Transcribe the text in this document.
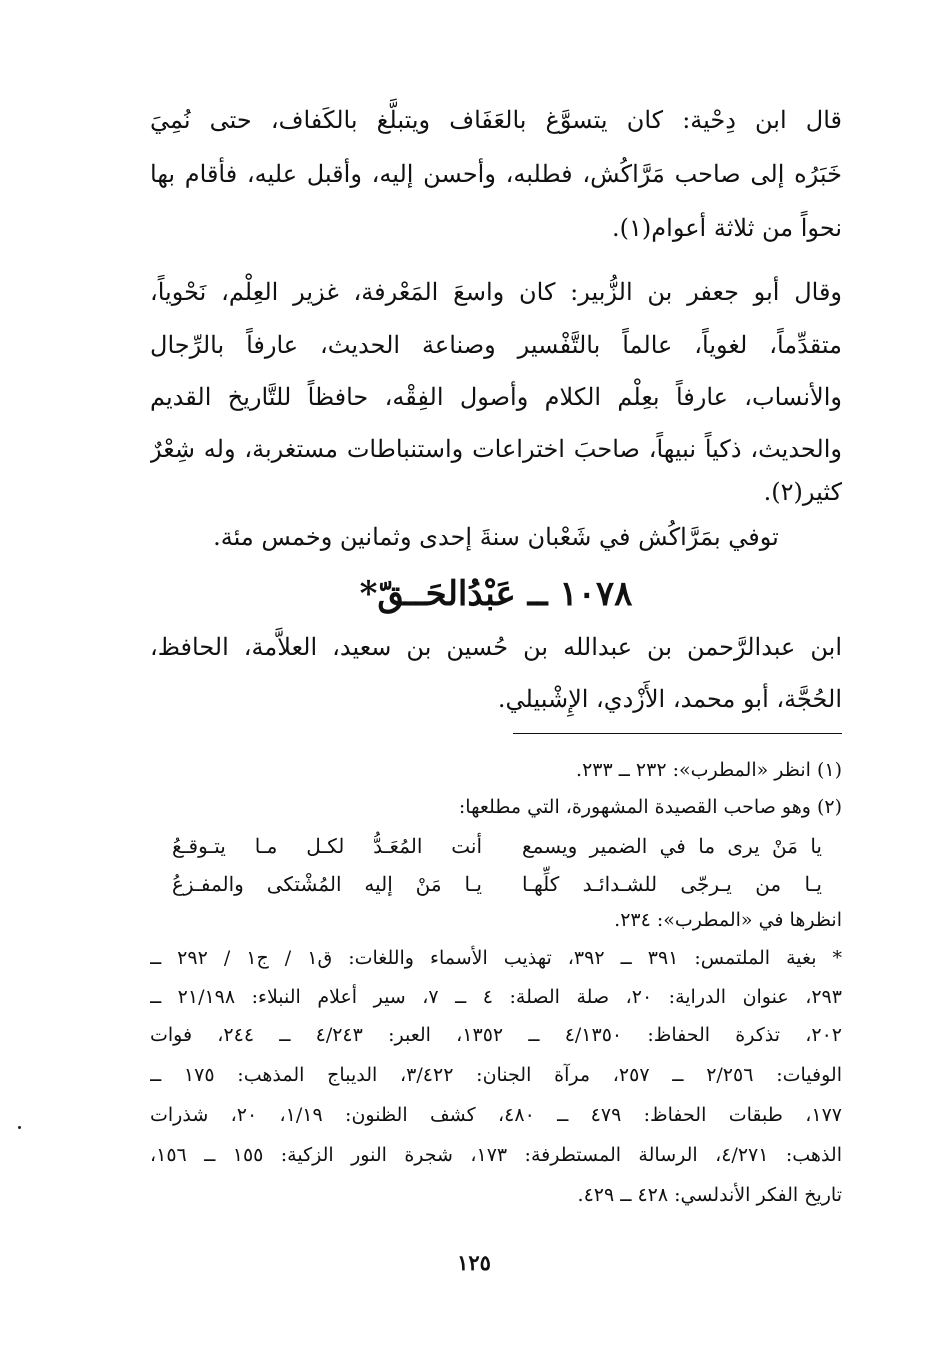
قال ابن دِحْية: كان يتسوَّغ بالعَفَاف ويتبلَّغ بالكَفاف، حتى نُمِيَ
خَبَرُه إلى صاحب مَرَّاكُش، فطلبه، وأحسن إليه، وأقبل عليه، فأقام بها
نحواً من ثلاثة أعوام(١).
وقال أبو جعفر بن الزُّبير: كان واسعَ المَعْرفة، غزير العِلْم، نَحْوياً،
متقدِّماً، لغوياً، عالماً بالتَّفْسير وصناعة الحديث، عارفاً بالرِّجال
والأنساب، عارفاً بعِلْم الكلام وأصول الفِقْه، حافظاً للتَّاريخ القديم
والحديث، ذكياً نبيهاً، صاحبَ اختراعات واستنباطات مستغربة، وله شِعْرٌ
كثير(٢).
توفي بمَرَّاكُش في شَعْبان سنةَ إحدى وثمانين وخمس مئة.
١٠٧٨ ــ عَبْدُالحَــقّ*
ابن عبدالرَّحمن بن عبدالله بن حُسين بن سعيد، العلاَّمة، الحافظ،
الحُجَّة، أبو محمد، الأَزْدي، الإِشْبيلي.
(١) انظر «المطرب»: ٢٣٢ ــ ٢٣٣.
(٢) وهو صاحب القصيدة المشهورة، التي مطلعها:
يا مَنْ يرى ما في الضمير ويسمع
أنت المُعَـدُّ لكـل مـا يتـوقـعُ
يـا من يـرجّى للشـدائـد كلِّهـا
يـا مَنْ إليه المُشْتكى والمفـزعُ
انظرها في «المطرب»: ٢٣٤.
* بغية الملتمس: ٣٩١ ــ ٣٩٢، تهذيب الأسماء واللغات: ق١ / ج١ / ٢٩٢ ــ
٢٩٣، عنوان الدراية: ٢٠، صلة الصلة: ٤ ــ ٧، سير أعلام النبلاء: ٢١/١٩٨ ــ
٢٠٢، تذكرة الحفاظ: ٤/١٣٥٠ ــ ١٣٥٢، العبر: ٤/٢٤٣ ــ ٢٤٤، فوات
الوفيات: ٢/٢٥٦ ــ ٢٥٧، مرآة الجنان: ٣/٤٢٢، الديباج المذهب: ١٧٥ ــ
١٧٧، طبقات الحفاظ: ٤٧٩ ــ ٤٨٠، كشف الظنون: ١/١٩، ٢٠، شذرات
الذهب: ٤/٢٧١، الرسالة المستطرفة: ١٧٣، شجرة النور الزكية: ١٥٥ ــ ١٥٦،
تاريخ الفكر الأندلسي: ٤٢٨ ــ ٤٢٩.
١٢٥
